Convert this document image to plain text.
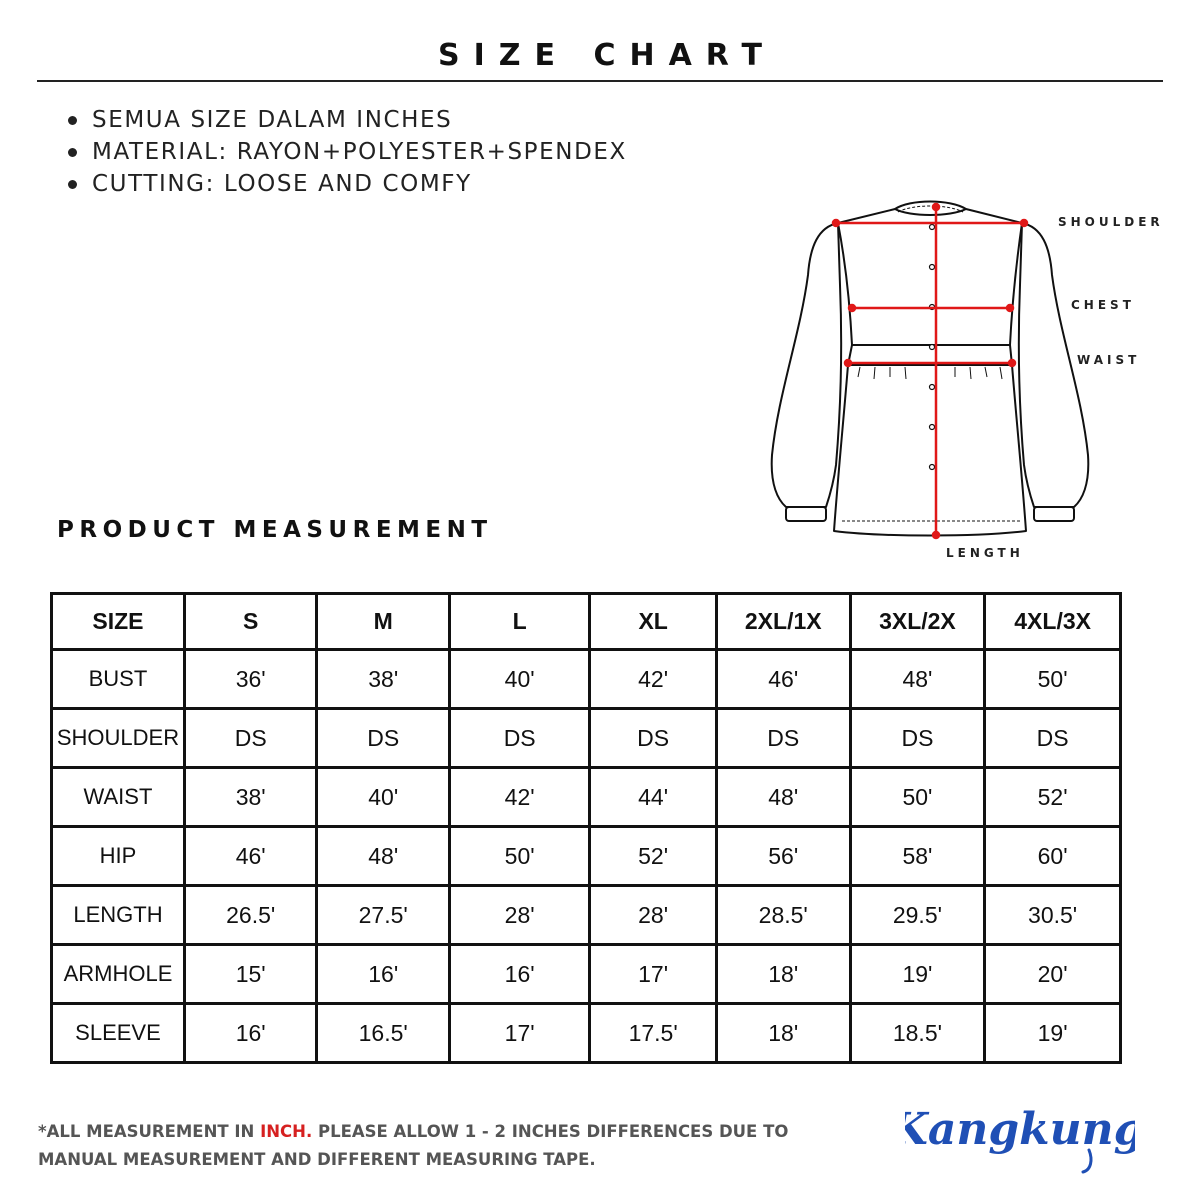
SIZE CHART
SEMUA SIZE DALAM INCHES
MATERIAL: RAYON+POLYESTER+SPENDEX
CUTTING: LOOSE AND COMFY
SHOULDER
CHEST
WAIST
LENGTH
PRODUCT MEASUREMENT
SIZE	S	M	L	XL	2XL/1X	3XL/2X	4XL/3X
BUST	36'	38'	40'	42'	46'	48'	50'
SHOULDER	DS	DS	DS	DS	DS	DS	DS
WAIST	38'	40'	42'	44'	48'	50'	52'
HIP	46'	48'	50'	52'	56'	58'	60'
LENGTH	26.5'	27.5'	28'	28'	28.5'	29.5'	30.5'
ARMHOLE	15'	16'	16'	17'	18'	19'	20'
SLEEVE	16'	16.5'	17'	17.5'	18'	18.5'	19'
*ALL MEASUREMENT IN INCH. PLEASE ALLOW 1 - 2 INCHES DIFFERENCES DUE TO MANUAL MEASUREMENT AND DIFFERENT MEASURING TAPE.
Kangkung
